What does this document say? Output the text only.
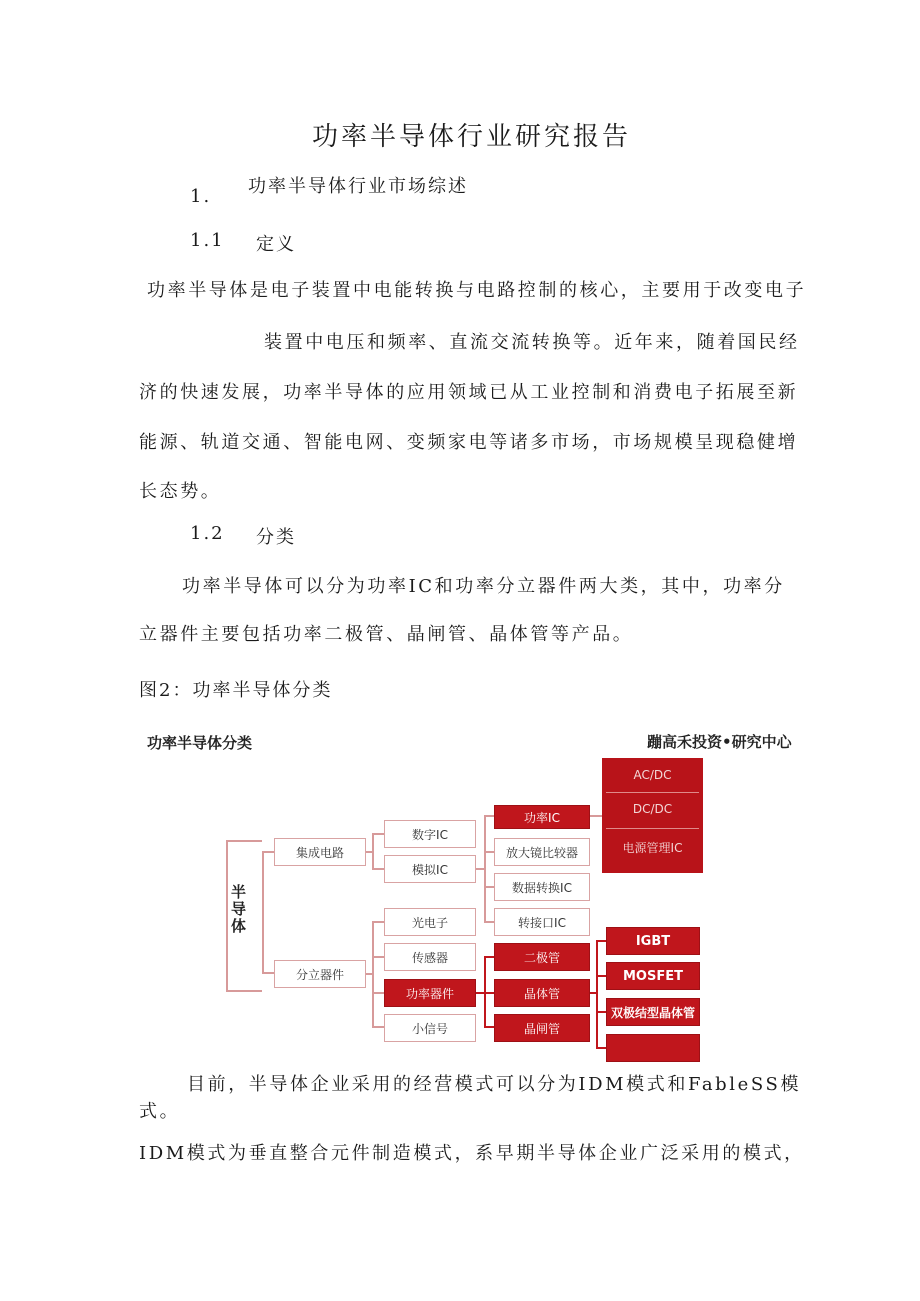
功率半导体行业研究报告
1. 功率半导体行业市场综述
1.1 定义
功率半导体是电子装置中电能转换与电路控制的核心，主要用于改变电子
装置中电压和频率、直流交流转换等。近年来，随着国民经
济的快速发展，功率半导体的应用领域已从工业控制和消费电子拓展至新
能源、轨道交通、智能电网、变频家电等诸多市场，市场规模呈现稳健增
长态势。
1.2 分类
功率半导体可以分为功率IC和功率分立器件两大类，其中，功率分
立器件主要包括功率二极管、晶闸管、晶体管等产品。
图2：功率半导体分类
功率半导体分类	蹦高禾投资•研究中心
半导体
集成电路
分立器件
数字IC
模拟IC
功率IC
放大镜比较器
数据转换IC
转接口IC
AC/DC
DC/DC
电源管理IC
光电子
传感器
功率器件
小信号
二极管
晶体管
晶闸管
IGBT
MOSFET
双极结型晶体管
目前，半导体企业采用的经营模式可以分为IDM模式和FableSS模
式。
IDM模式为垂直整合元件制造模式，系早期半导体企业广泛采用的模式，
